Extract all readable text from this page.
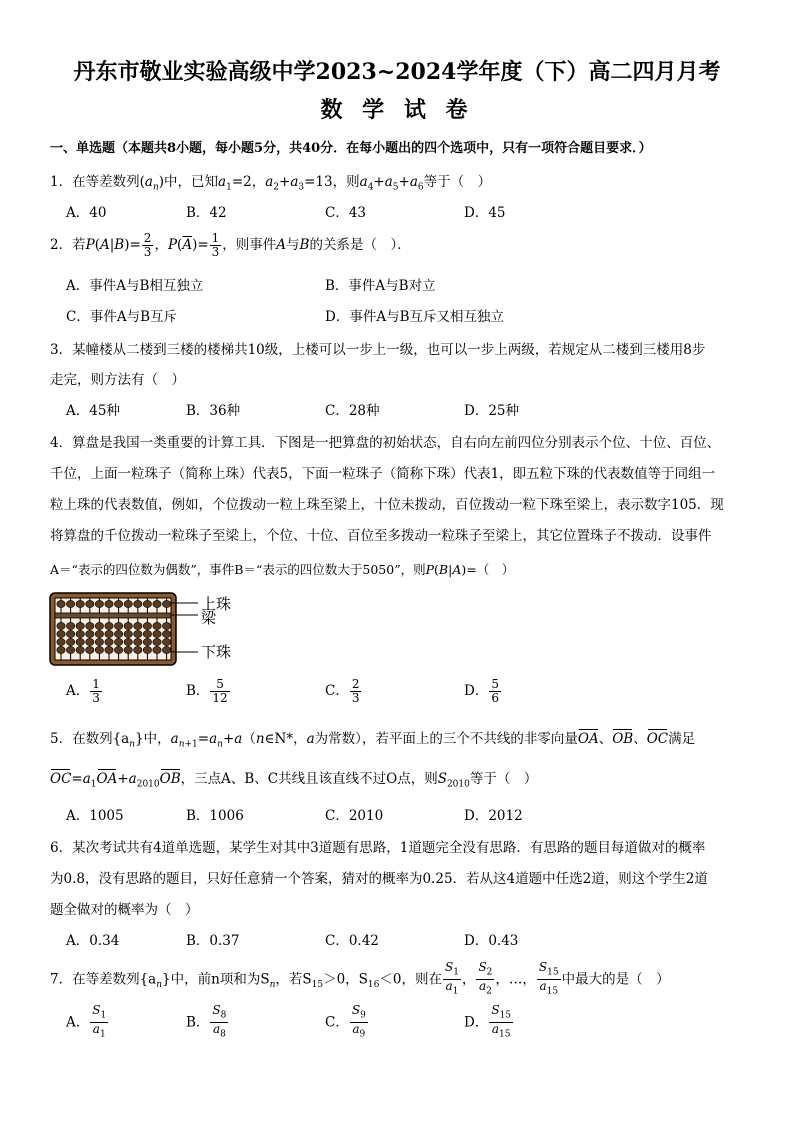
丹东市敬业实验高级中学2023~2024学年度（下）高二四月月考
数 学 试 卷
一、单选题（本题共8小题，每小题5分，共40分．在每小题出的四个选项中，只有一项符合题目要求．）
1．在等差数列$(a_n)$中，已知$a_1=2$，$a_2+a_3=13$，则$a_4+a_5+a_6$等于（　）
A．40	B．42	C．43	D．45
2．若$P(A|B)= \frac{2}{3}$ ，$P(\overline{A})= \frac{1}{3}$ ，则事件A与B的关系是（　）．
A．事件A与B相互独立	B．事件A与B对立
C．事件A与B互斥	D．事件A与B互斥又相互独立
3．某幢楼从二楼到三楼的楼梯共10级，上楼可以一步上一级，也可以一步上两级，若规定从二楼到三楼用8步
走完，则方法有（　）
A．45种	B．36种	C．28种	D．25种
4．算盘是我国一类重要的计算工具．下图是一把算盘的初始状态，自右向左前四位分别表示个位、十位、百位、
千位，上面一粒珠子（简称上珠）代表5，下面一粒珠子（简称下珠）代表1，即五粒下珠的代表数值等于同组一
粒上珠的代表数值，例如，个位拨动一粒上珠至梁上，十位未拨动，百位拨动一粒下珠至梁上，表示数字105．现
将算盘的千位拨动一粒珠子至梁上，个位、十位、百位至多拨动一粒珠子至梁上，其它位置珠子不拨动．设事件
A＝“表示的四位数为偶数”，事件B＝“表示的四位数大于5050”，则P(B|A)=（　）
上珠
梁
下珠
A． $\frac{1}{3}$	B． $\frac{5}{12}$	C． $\frac{2}{3}$	D． $\frac{5}{6}$
5．在数列$\{a_n\}$中，$a_{n+1}=a_n+a(n\in N*$，a为常数），若平面上的三个不共线的非零向量OA、OB、OC满足
$OC=a_1OA+a_{2010}OB$，三点A、B、C共线且该直线不过O点，则$S_{2010}$等于（　）
A．1005	B．1006	C．2010	D．2012
6．某次考试共有4道单选题，某学生对其中3道题有思路，1道题完全没有思路．有思路的题目每道做对的概率
为0.8，没有思路的题目，只好任意猜一个答案，猜对的概率为0.25．若从这4道题中任选2道，则这个学生2道
题全做对的概率为（　）
A．0.34	B．0.37	C．0.42	D．0.43
7．在等差数列$\{a_n\}$中，前n项和为$S_n$，若$S_{15}>0$，$S_{16}<0$，则在 $\frac{S_1}{a_1}$ ， $\frac{S_2}{a_2}$ ，…， $\frac{S_{15}}{a_{15}}$ 中最大的是（　）
A． $\frac{S_1}{a_1}$	B． $\frac{S_8}{a_8}$	C． $\frac{S_9}{a_9}$	D． $\frac{S_{15}}{a_{15}}$
